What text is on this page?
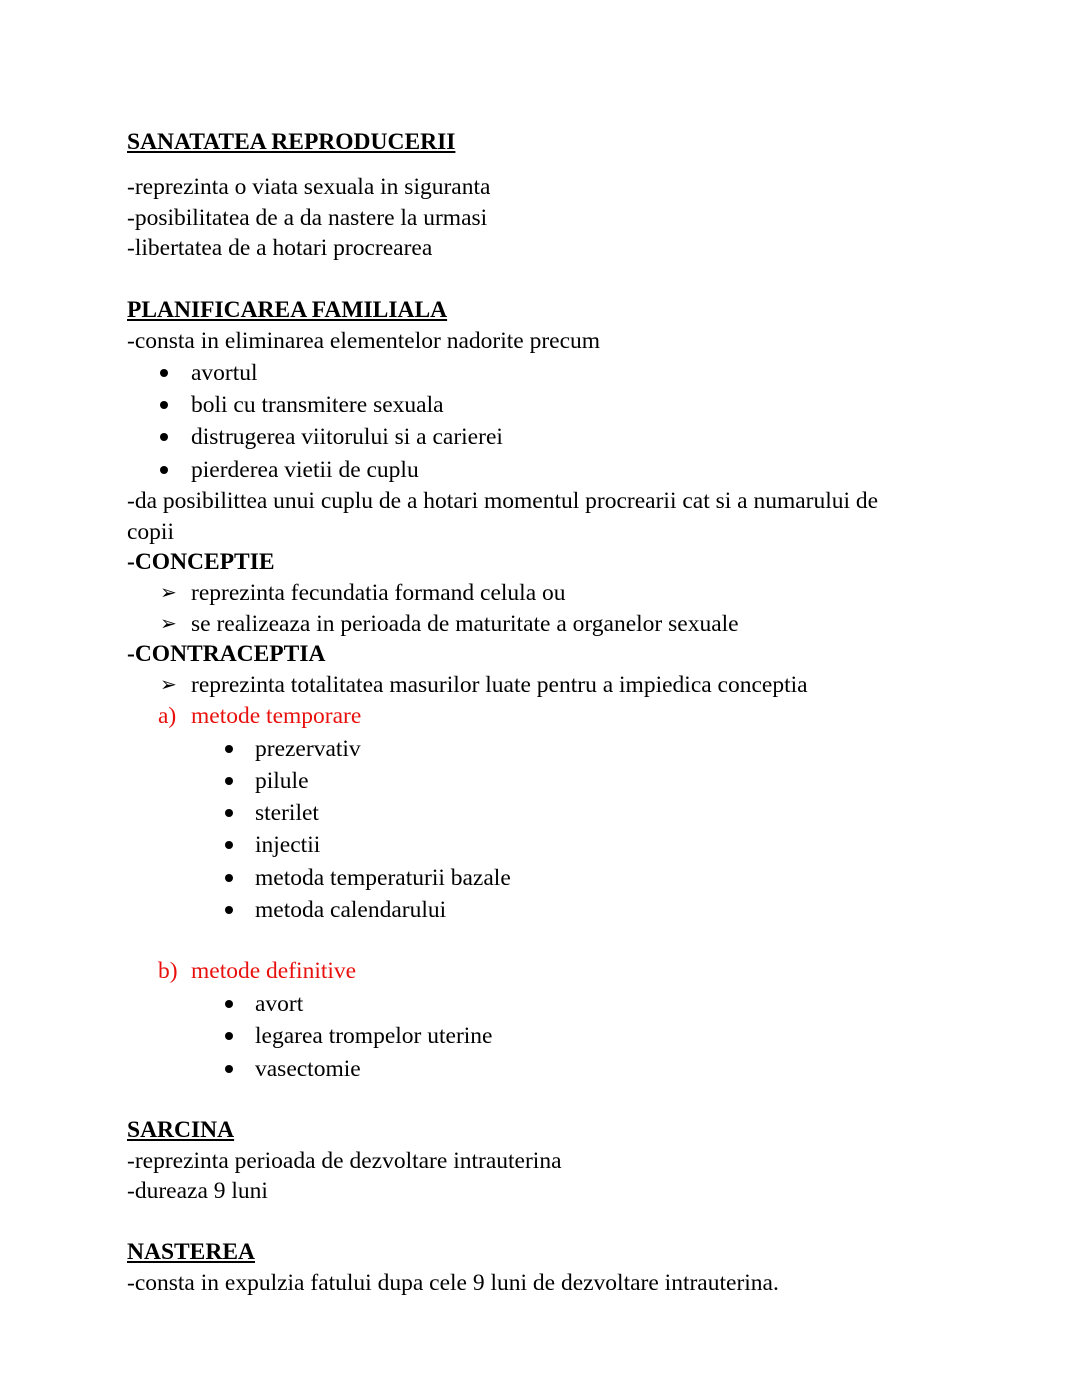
SANATATEA REPRODUCERII
-reprezinta o viata sexuala in siguranta
-posibilitatea de a da nastere la urmasi
-libertatea de a hotari procrearea
PLANIFICAREA FAMILIALA
-consta in eliminarea elementelor nadorite precum
avortul
boli cu transmitere sexuala
distrugerea viitorului si a carierei
pierderea vietii de cuplu
-da posibilittea unui cuplu de a hotari momentul procrearii cat si a numarului de
copii
-CONCEPTIE
➢ reprezinta fecundatia formand celula ou
➢ se realizeaza in perioada de maturitate a organelor sexuale
-CONTRACEPTIA
➢ reprezinta totalitatea masurilor luate pentru a impiedica conceptia
a) metode temporare
prezervativ
pilule
sterilet
injectii
metoda temperaturii bazale
metoda calendarului
b) metode definitive
avort
legarea trompelor uterine
vasectomie
SARCINA
-reprezinta perioada de dezvoltare intrauterina
-dureaza 9 luni
NASTEREA
-consta in expulzia fatului dupa cele 9 luni de dezvoltare intrauterina.
